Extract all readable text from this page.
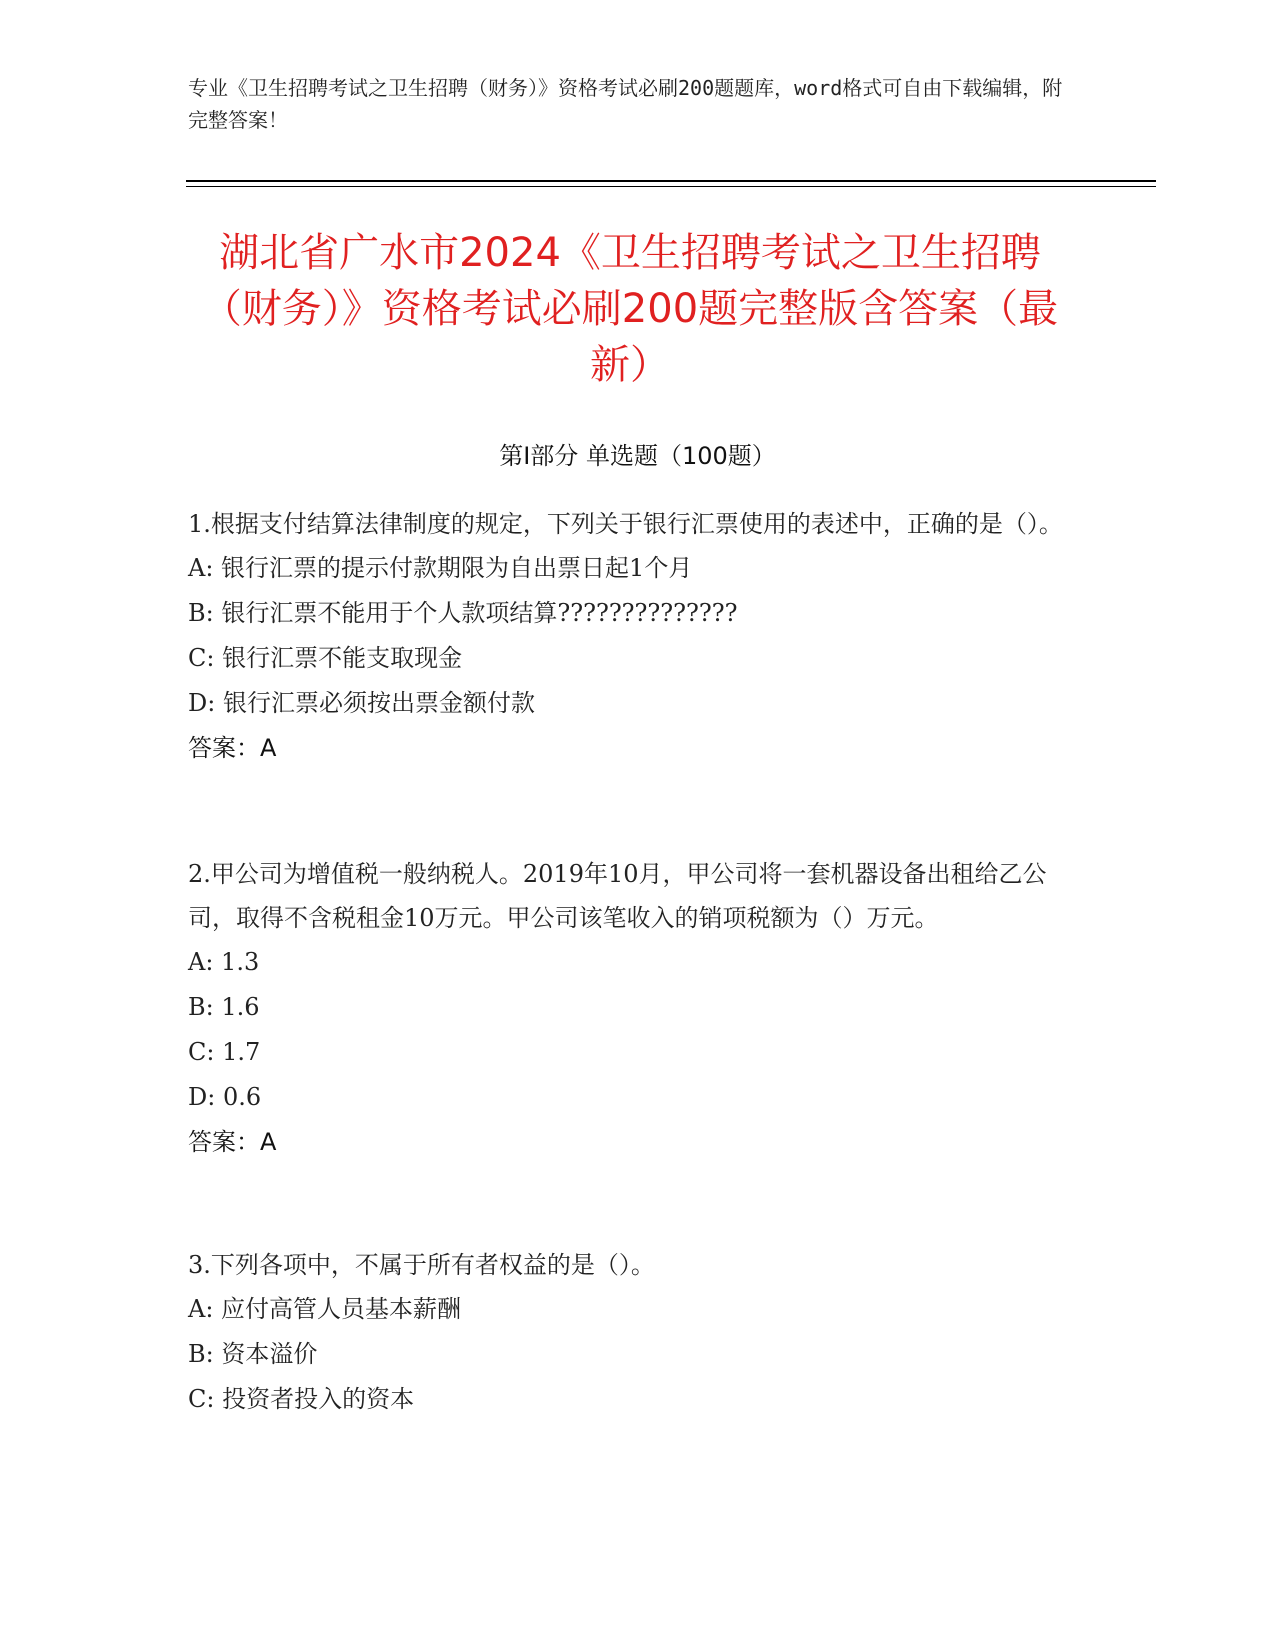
专业《卫生招聘考试之卫生招聘（财务）》资格考试必刷200题题库，word格式可自由下载编辑，附完整答案！
湖北省广水市2024《卫生招聘考试之卫生招聘（财务）》资格考试必刷200题完整版含答案（最新）
第I部分 单选题（100题）
1.根据支付结算法律制度的规定，下列关于银行汇票使用的表述中，正确的是（）。
A: 银行汇票的提示付款期限为自出票日起1个月
B: 银行汇票不能用于个人款项结算??????????????
C: 银行汇票不能支取现金
D: 银行汇票必须按出票金额付款
答案：A
2.甲公司为增值税一般纳税人。2019年10月，甲公司将一套机器设备出租给乙公司，取得不含税租金10万元。甲公司该笔收入的销项税额为（）万元。
A: 1.3
B: 1.6
C: 1.7
D: 0.6
答案：A
3.下列各项中，不属于所有者权益的是（）。
A: 应付高管人员基本薪酬
B: 资本溢价
C: 投资者投入的资本
